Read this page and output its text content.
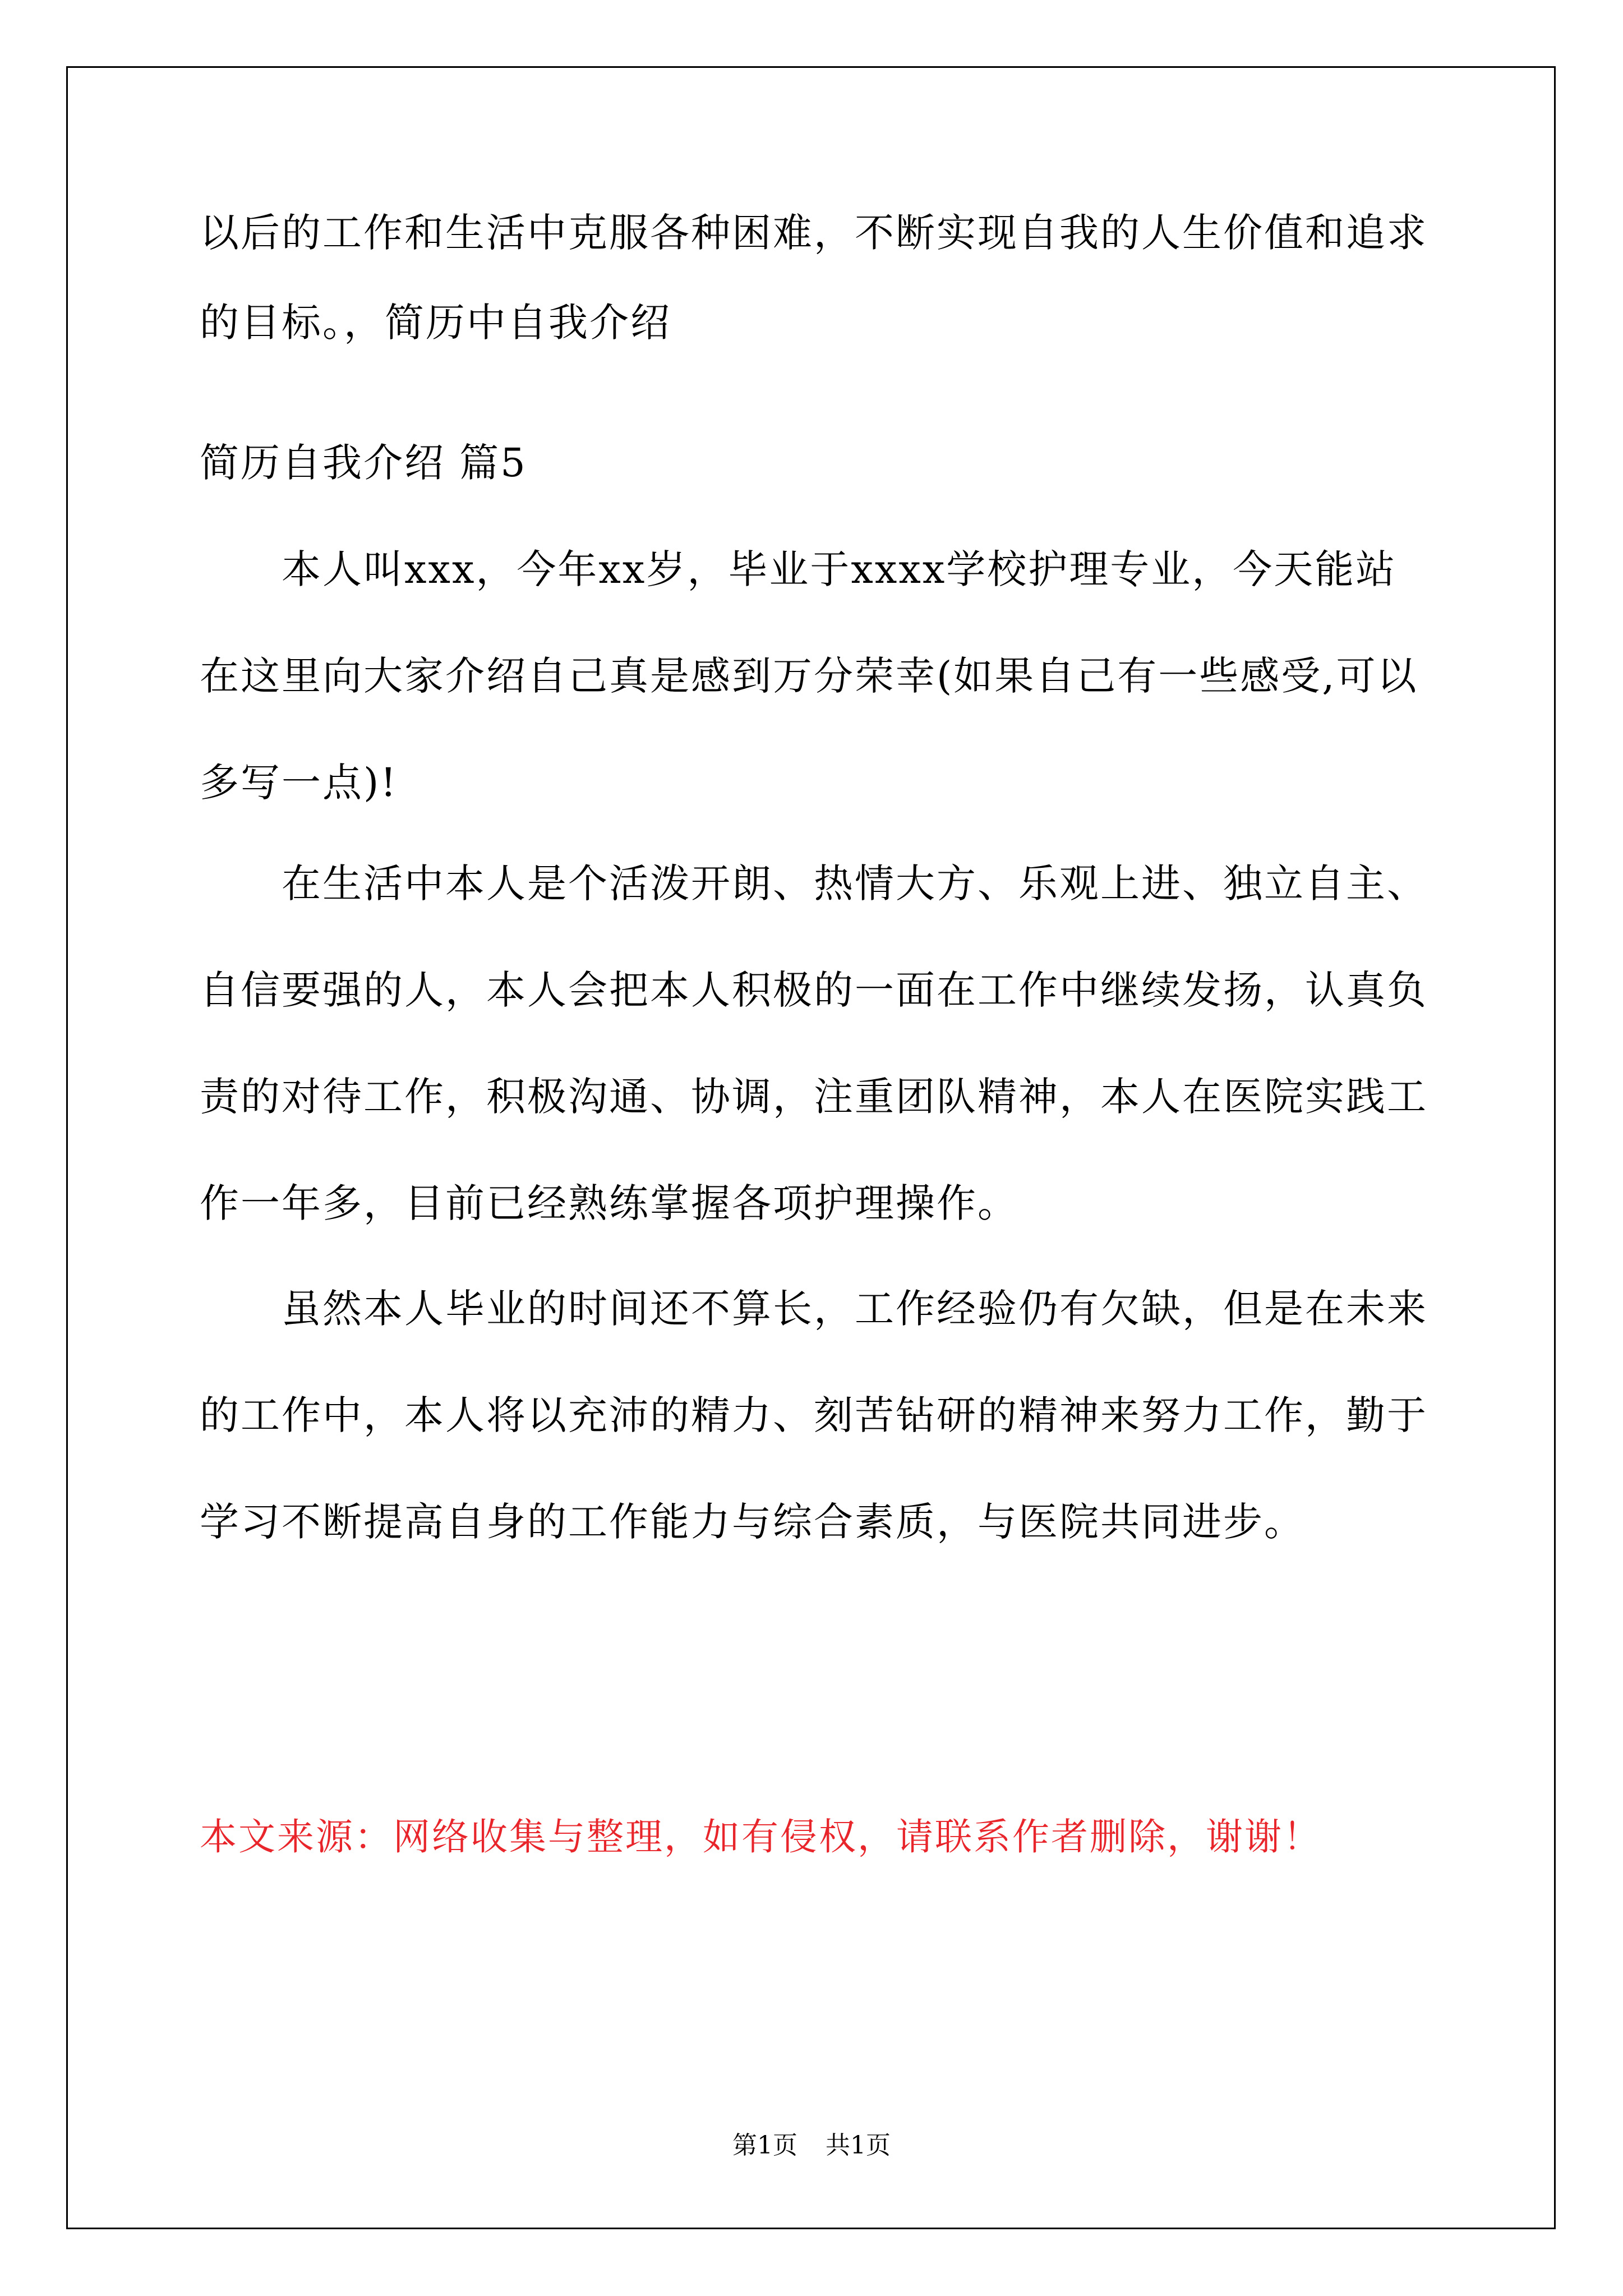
以后的工作和生活中克服各种困难，不断实现自我的人生价值和追求
的目标。，简历中自我介绍
简历自我介绍 篇5

本人叫xxx，今年xx岁，毕业于xxxx学校护理专业，今天能站在这里向大家介绍自己真是感到万分荣幸(如果自己有一些感受,可以多写一点)!

在生活中本人是个活泼开朗、热情大方、乐观上进、独立自主、自信要强的人，本人会把本人积极的一面在工作中继续发扬，认真负责的对待工作，积极沟通、协调，注重团队精神，本人在医院实践工作一年多，目前已经熟练掌握各项护理操作。

虽然本人毕业的时间还不算长，工作经验仍有欠缺，但是在未来的工作中，本人将以充沛的精力、刻苦钻研的精神来努力工作，勤于学习不断提高自身的工作能力与综合素质，与医院共同进步。

本文来源：网络收集与整理，如有侵权，请联系作者删除，谢谢！
第1页 共1页
